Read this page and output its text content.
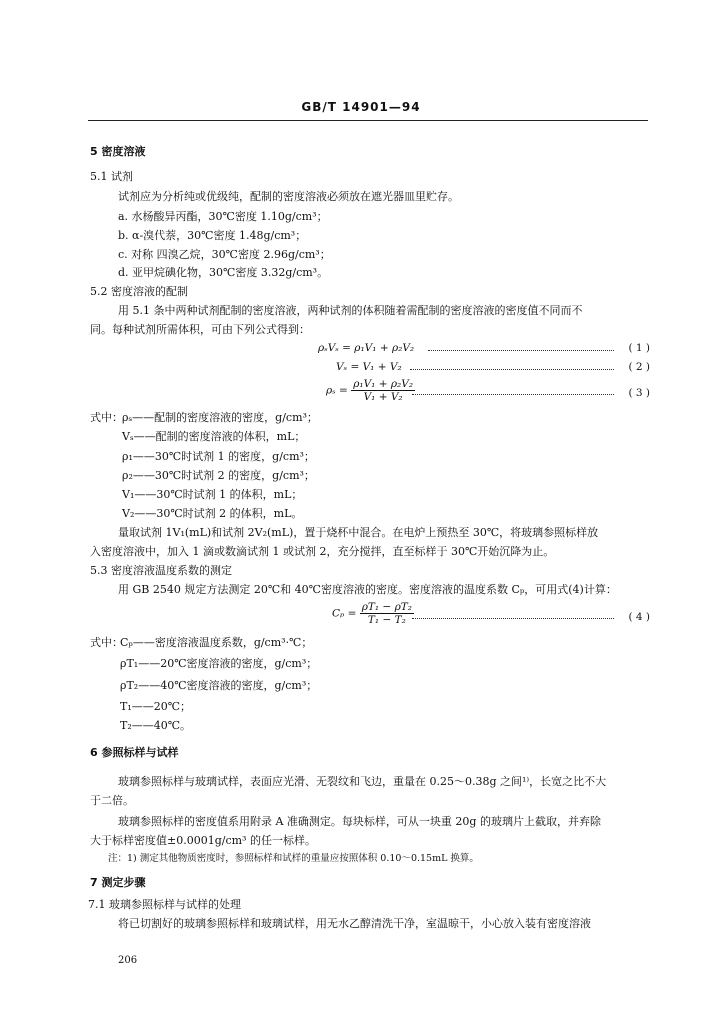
GB/T 14901—94
5 密度溶液
5.1 试剂
试剂应为分析纯或优级纯，配制的密度溶液必须放在遮光器皿里贮存。
a. 水杨酸异丙酯，30℃密度 1.10g/cm³；
b. α-溴代萘，30℃密度 1.48g/cm³；
c. 对称 四溴乙烷，30℃密度 2.96g/cm³；
d. 亚甲烷碘化物，30℃密度 3.32g/cm³。
5.2 密度溶液的配制
用 5.1 条中两种试剂配制的密度溶液，两种试剂的体积随着需配制的密度溶液的密度值不同而不
同。每种试剂所需体积，可由下列公式得到：
ρₛVₛ = ρ₁V₁ + ρ₂V₂	( 1 )
Vₛ = V₁ + V₂	( 2 )
$\rho_s = \frac{\text{ρ₁V₁ + ρ₂V₂}}{\text{V₁ + V₂}}$	( 3 )
式中： ρₛ——配制的密度溶液的密度，g/cm³；
Vₛ——配制的密度溶液的体积，mL；
ρ₁——30℃时试剂 1 的密度，g/cm³；
ρ₂——30℃时试剂 2 的密度，g/cm³；
V₁——30℃时试剂 1 的体积，mL；
V₂——30℃时试剂 2 的体积，mL。
量取试剂 1V₁(mL)和试剂 2V₂(mL)，置于烧杯中混合。在电炉上预热至 30℃，将玻璃参照标样放
入密度溶液中，加入 1 滴或数滴试剂 1 或试剂 2，充分搅拌，直至标样于 30℃开始沉降为止。
5.3 密度溶液温度系数的测定
用 GB 2540 规定方法测定 20℃和 40℃密度溶液的密度。密度溶液的温度系数 Cₚ，可用式(4)计算：
$C_p = \frac{\text{ρT₁ − ρT₂}}{\text{T₁ − T₂}}$	( 4 )
式中：
Cₚ——密度溶液温度系数，g/cm³·℃；
ρT₁——20℃密度溶液的密度，g/cm³；
ρT₂——40℃密度溶液的密度，g/cm³；
T₁——20℃；
T₂——40℃。
6 参照标样与试样
玻璃参照标样与玻璃试样，表面应光滑、无裂纹和飞边，重量在 0.25～0.38g 之间¹⁾，长宽之比不大
于二倍。
玻璃参照标样的密度值系用附录 A 准确测定。每块标样，可从一块重 20g 的玻璃片上截取，并弃除
大于标样密度值±0.0001g/cm³ 的任一标样。
注：1) 测定其他物质密度时，参照标样和试样的重量应按照体积 0.10～0.15mL 换算。
7 测定步骤
7.1 玻璃参照标样与试样的处理
将已切割好的玻璃参照标样和玻璃试样，用无水乙醇清洗干净，室温晾干，小心放入装有密度溶液
206
